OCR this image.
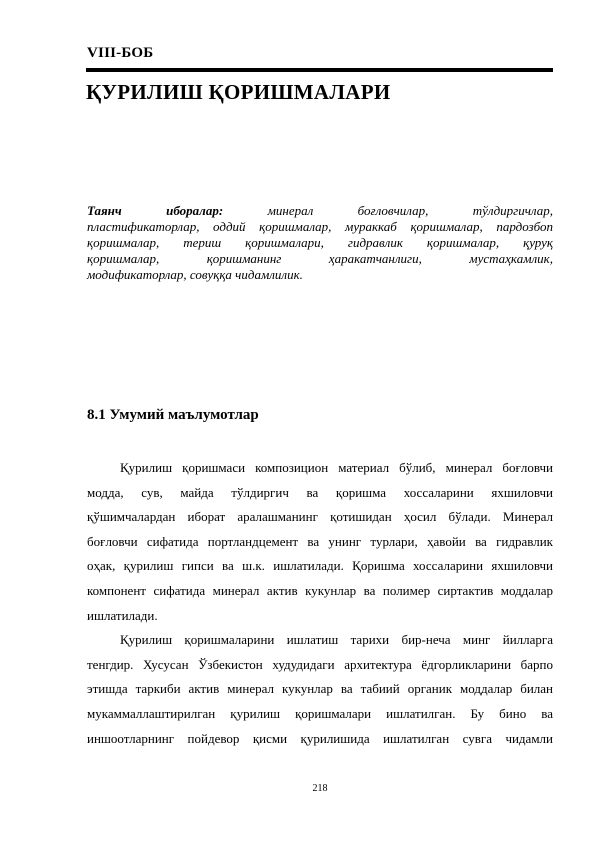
VIII-БОБ
ҚУРИЛИШ ҚОРИШМАЛАРИ
Таянч иборалар:	минерал боғловчилар, тўлдиргичлар,
пластификаторлар, оддий қоришмалар, мураккаб қоришмалар, пардозбоп
қоришмалар, териш қоришмалари, гидравлик қоришмалар, қуруқ
қоришмалар, қоришманинг ҳаракатчанлиги, мустаҳкамлик,
модификаторлар, совуққа чидамлилик.
8.1 Умумий маълумотлар
Қурилиш қоришмаси композицион материал бўлиб, минерал боғловчи
модда, сув, майда тўлдиргич ва қоришма хоссаларини яхшиловчи
қўшимчалардан иборат аралашманинг қотишидан ҳосил бўлади. Минерал
боғловчи сифатида портландцемент ва унинг турлари, ҳавойи ва гидравлик
оҳак, қурилиш гипси ва ш.к. ишлатилади. Қоришма хоссаларини яхшиловчи
компонент сифатида минерал актив кукунлар ва полимер сиртактив моддалар
ишлатилади.
Қурилиш қоришмаларини ишлатиш тарихи бир-неча минг йилларга
тенгдир. Хусусан Ўзбекистон худудидаги архитектура ёдгорликларини барпо
этишда таркиби актив минерал кукунлар ва табиий органик моддалар билан
мукаммаллаштирилган қурилиш қоришмалари ишлатилган. Бу бино ва
иншоотларнинг пойдевор қисми қурилишида ишлатилган сувга чидамли
218
